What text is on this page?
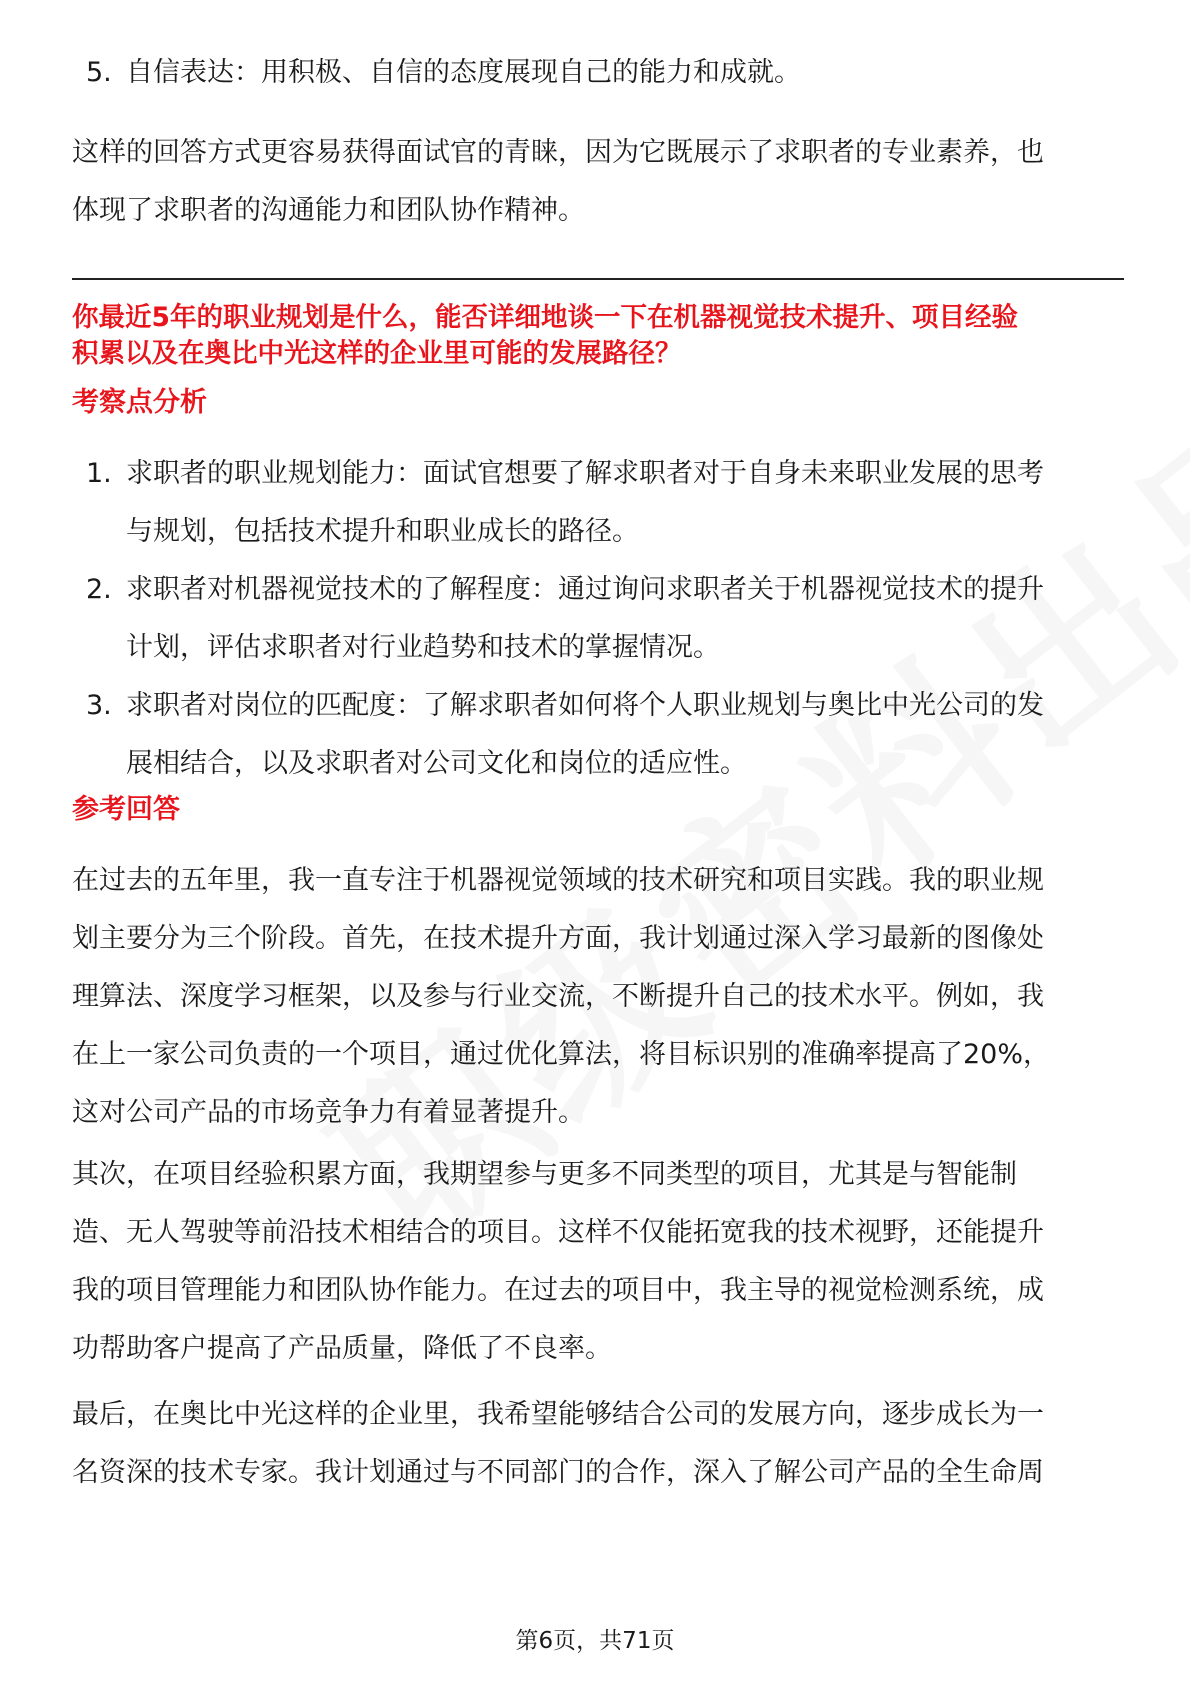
5. 自信表达：用积极、自信的态度展现自己的能力和成就。

这样的回答方式更容易获得面试官的青睐，因为它既展示了求职者的专业素养，也

体现了求职者的沟通能力和团队协作精神。

你最近5年的职业规划是什么，能否详细地谈一下在机器视觉技术提升、项目经验

积累以及在奥比中光这样的企业里可能的发展路径？

考察点分析

1. 求职者的职业规划能力：面试官想要了解求职者对于自身未来职业发展的思考

与规划，包括技术提升和职业成长的路径。

2. 求职者对机器视觉技术的了解程度：通过询问求职者关于机器视觉技术的提升

计划，评估求职者对行业趋势和技术的掌握情况。

3. 求职者对岗位的匹配度：了解求职者如何将个人职业规划与奥比中光公司的发

展相结合，以及求职者对公司文化和岗位的适应性。

参考回答

在过去的五年里，我一直专注于机器视觉领域的技术研究和项目实践。我的职业规

划主要分为三个阶段。首先，在技术提升方面，我计划通过深入学习最新的图像处

理算法、深度学习框架，以及参与行业交流，不断提升自己的技术水平。例如，我

在上一家公司负责的一个项目，通过优化算法，将目标识别的准确率提高了20%，

这对公司产品的市场竞争力有着显著提升。

其次，在项目经验积累方面，我期望参与更多不同类型的项目，尤其是与智能制

造、无人驾驶等前沿技术相结合的项目。这样不仅能拓宽我的技术视野，还能提升

我的项目管理能力和团队协作能力。在过去的项目中，我主导的视觉检测系统，成

功帮助客户提高了产品质量，降低了不良率。

最后，在奥比中光这样的企业里，我希望能够结合公司的发展方向，逐步成长为一

名资深的技术专家。我计划通过与不同部门的合作，深入了解公司产品的全生命周

第6页，共71页
